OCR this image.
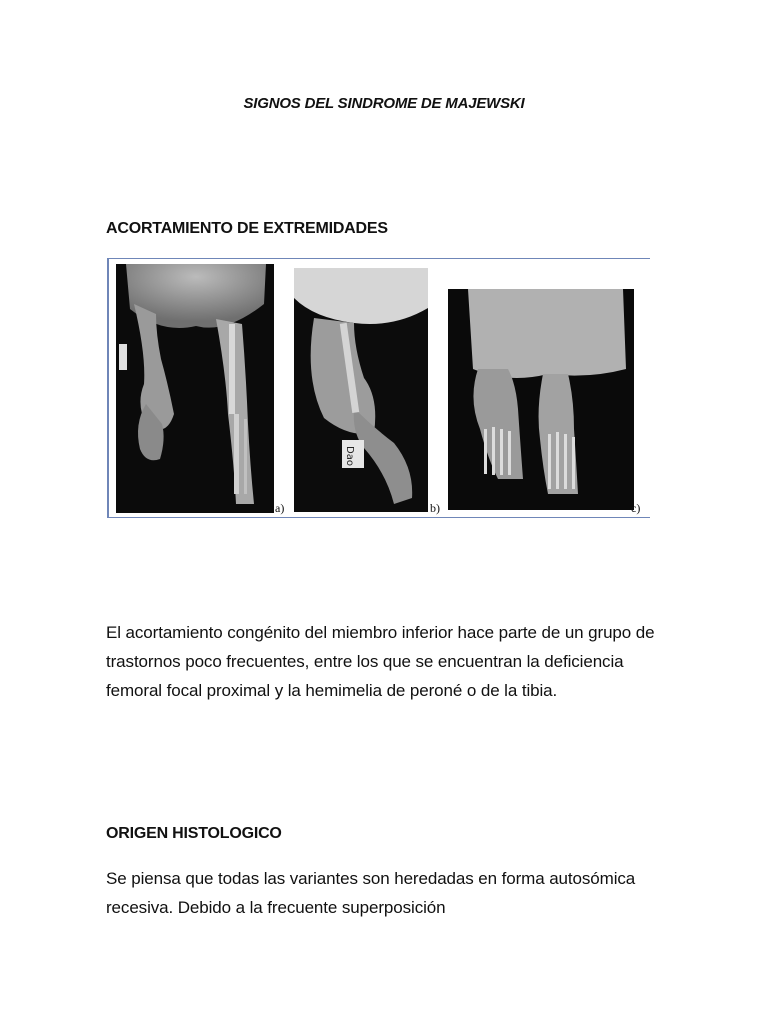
SIGNOS DEL SINDROME DE MAJEWSKI
ACORTAMIENTO DE EXTREMIDADES
a)
Dao
b)	c)
El acortamiento congénito del miembro inferior hace parte de un grupo de trastornos poco frecuentes, entre los que se encuentran la deficiencia femoral focal proximal y la hemimelia de peroné o de la tibia.
ORIGEN HISTOLOGICO
Se piensa que todas las variantes son heredadas en forma autosómica recesiva. Debido a la frecuente superposición
